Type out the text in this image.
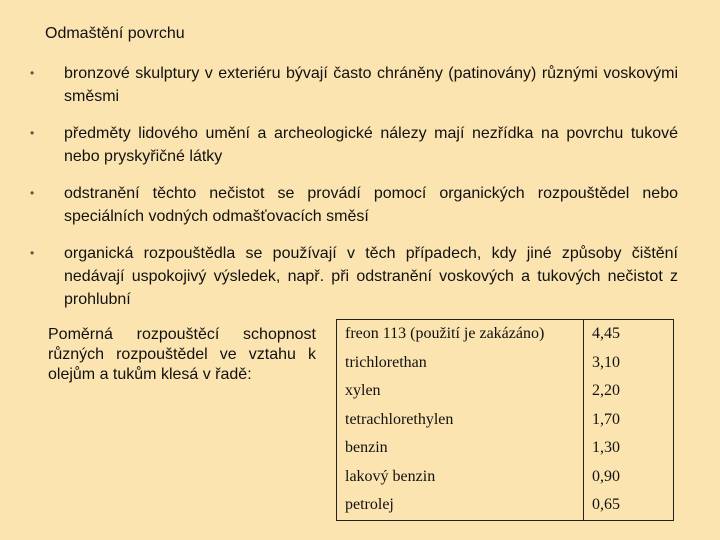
Odmaštění povrchu
• bronzové skulptury v exteriéru bývají často chráněny (patinovány) různými voskovými směsmi
• předměty lidového umění a archeologické nálezy mají nezřídka na povrchu tukové nebo pryskyřičné látky
• odstranění těchto nečistot se provádí pomocí organických rozpouštědel nebo speciálních vodných odmašťovacích směsí
• organická rozpouštědla se používají v těch případech, kdy jiné způsoby čištění nedávají uspokojivý výsledek, např. při odstranění voskových a tukových nečistot z prohlubní
Poměrná rozpouštěcí schopnost různých rozpouštědel ve vztahu k olejům a tukům klesá v řadě:
freon 113 (použití je zakázáno)	4,45
trichlorethan	3,10
xylen	2,20
tetrachlorethylen	1,70
benzin	1,30
lakový benzin	0,90
petrolej	0,65
